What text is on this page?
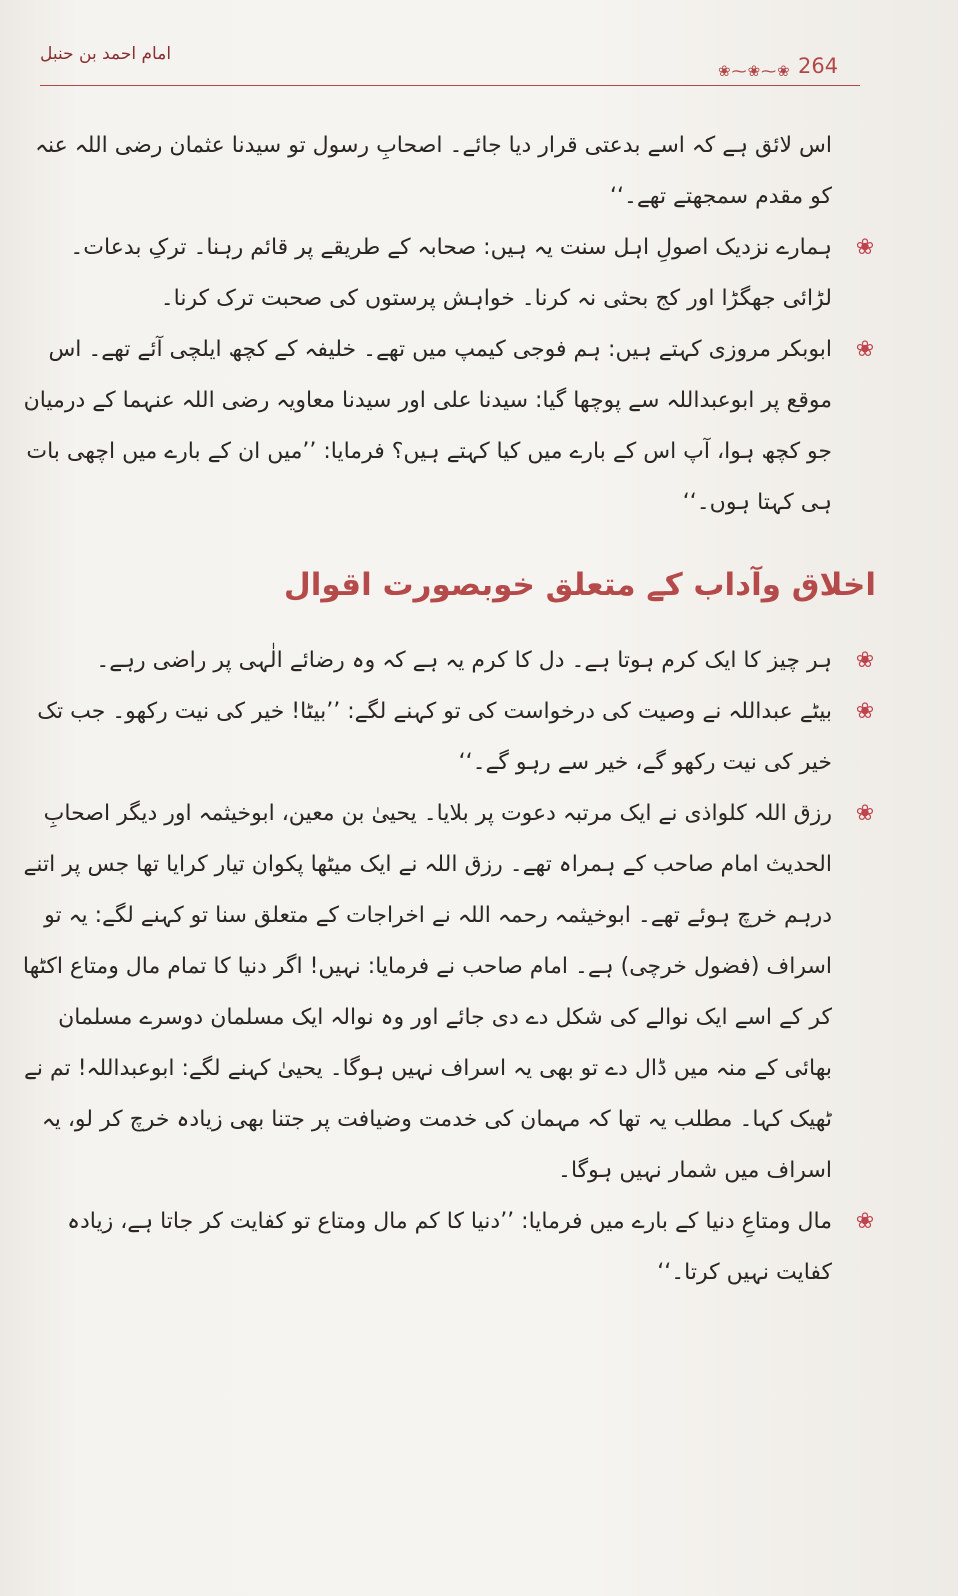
امام احمد بن حنبل
❀⁓❀⁓❀ 264
اس لائق ہے کہ اسے بدعتی قرار دیا جائے۔ اصحابِ رسول تو سیدنا عثمان رضی اللہ عنہ کو مقدم سمجھتے تھے۔‘‘
❀
ہمارے نزدیک اصولِ اہل سنت یہ ہیں: صحابہ کے طریقے پر قائم رہنا۔ ترکِ بدعات۔ لڑائی جھگڑا اور کج بحثی نہ کرنا۔ خواہش پرستوں کی صحبت ترک کرنا۔
❀
ابوبکر مروزی کہتے ہیں: ہم فوجی کیمپ میں تھے۔ خلیفہ کے کچھ ایلچی آئے تھے۔ اس موقع پر ابوعبداللہ سے پوچھا گیا: سیدنا علی اور سیدنا معاویہ رضی اللہ عنہما کے درمیان جو کچھ ہوا، آپ اس کے بارے میں کیا کہتے ہیں؟ فرمایا: ’’میں ان کے بارے میں اچھی بات ہی کہتا ہوں۔‘‘
اخلاق وآداب کے متعلق خوبصورت اقوال
❀
ہر چیز کا ایک کرم ہوتا ہے۔ دل کا کرم یہ ہے کہ وہ رضائے الٰہی پر راضی رہے۔
❀
بیٹے عبداللہ نے وصیت کی درخواست کی تو کہنے لگے: ’’بیٹا! خیر کی نیت رکھو۔ جب تک خیر کی نیت رکھو گے، خیر سے رہو گے۔‘‘
❀
رزق اللہ کلواذی نے ایک مرتبہ دعوت پر بلایا۔ یحییٰ بن معین، ابوخیثمہ اور دیگر اصحابِ الحدیث امام صاحب کے ہمراہ تھے۔ رزق اللہ نے ایک میٹھا پکوان تیار کرایا تھا جس پر اتنے درہم خرچ ہوئے تھے۔ ابوخیثمہ رحمہ اللہ نے اخراجات کے متعلق سنا تو کہنے لگے: یہ تو اسراف (فضول خرچی) ہے۔ امام صاحب نے فرمایا: نہیں! اگر دنیا کا تمام مال ومتاع اکٹھا کر کے اسے ایک نوالے کی شکل دے دی جائے اور وہ نوالہ ایک مسلمان دوسرے مسلمان بھائی کے منہ میں ڈال دے تو بھی یہ اسراف نہیں ہوگا۔ یحییٰ کہنے لگے: ابوعبداللہ! تم نے ٹھیک کہا۔ مطلب یہ تھا کہ مہمان کی خدمت وضیافت پر جتنا بھی زیادہ خرچ کر لو، یہ اسراف میں شمار نہیں ہوگا۔
❀
مال ومتاعِ دنیا کے بارے میں فرمایا: ’’دنیا کا کم مال ومتاع تو کفایت کر جاتا ہے، زیادہ کفایت نہیں کرتا۔‘‘
